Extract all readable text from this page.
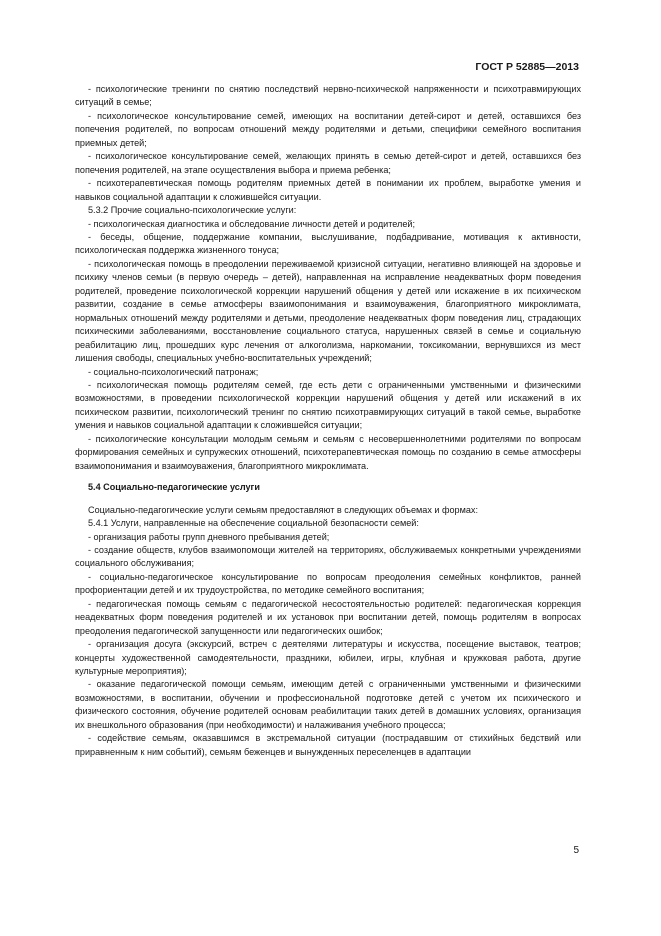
ГОСТ Р 52885—2013

- психологические тренинги по снятию последствий нервно-психической напряженности и психотравмирующих ситуаций в семье;

- психологическое консультирование семей, имеющих на воспитании детей-сирот и детей, оставшихся без попечения родителей, по вопросам отношений между родителями и детьми, специфики семейного воспитания приемных детей;

- психологическое консультирование семей, желающих принять в семью детей-сирот и детей, оставшихся без попечения родителей, на этапе осуществления выбора и приема ребенка;

- психотерапевтическая помощь родителям приемных детей в понимании их проблем, выработке умения и навыков социальной адаптации к сложившейся ситуации.

5.3.2 Прочие социально-психологические услуги:

- психологическая диагностика и обследование личности детей и родителей;

- беседы, общение, поддержание компании, выслушивание, подбадривание, мотивация к активности, психологическая поддержка жизненного тонуса;

- психологическая помощь в преодолении переживаемой кризисной ситуации, негативно влияющей на здоровье и психику членов семьи (в первую очередь – детей), направленная на исправление неадекватных форм поведения родителей, проведение психологической коррекции нарушений общения у детей или искажение в их психическом развитии, создание в семье атмосферы взаимопонимания и взаимоуважения, благоприятного микроклимата, нормальных отношений между родителями и детьми, преодоление неадекватных форм поведения лиц, страдающих психическими заболеваниями, восстановление социального статуса, нарушенных связей в семье и социальную реабилитацию лиц, прошедших курс лечения от алкоголизма, наркомании, токсикомании, вернувшихся из мест лишения свободы, специальных учебно-воспитательных учреждений;

- социально-психологический патронаж;

- психологическая помощь родителям семей, где есть дети с ограниченными умственными и физическими возможностями, в проведении психологической коррекции нарушений общения у детей или искажений в их психическом развитии, психологический тренинг по снятию психотравмирующих ситуаций в такой семье, выработке умения и навыков социальной адаптации к сложившейся ситуации;

- психологические консультации молодым семьям и семьям с несовершеннолетними родителями по вопросам формирования семейных и супружеских отношений, психотерапевтическая помощь по созданию в семье атмосферы взаимопонимания и взаимоуважения, благоприятного микроклимата.

5.4 Социально-педагогические услуги

Социально-педагогические услуги семьям предоставляют в следующих объемах и формах:

5.4.1 Услуги, направленные на обеспечение социальной безопасности семей:

- организация работы групп дневного пребывания детей;

- создание обществ, клубов взаимопомощи жителей на территориях, обслуживаемых конкретными учреждениями социального обслуживания;

- социально-педагогическое консультирование по вопросам преодоления семейных конфликтов, ранней профориентации детей и их трудоустройства, по методике семейного воспитания;

- педагогическая помощь семьям с педагогической несостоятельностью родителей: педагогическая коррекция неадекватных форм поведения родителей и их установок при воспитании детей, помощь родителям в вопросах преодоления педагогической запущенности или педагогических ошибок;

- организация досуга (экскурсий, встреч с деятелями литературы и искусства, посещение выставок, театров; концерты художественной самодеятельности, праздники, юбилеи, игры, клубная и кружковая работа, другие культурные мероприятия);

- оказание педагогической помощи семьям, имеющим детей с ограниченными умственными и физическими возможностями, в воспитании, обучении и профессиональной подготовке детей с учетом их психического и физического состояния, обучение родителей основам реабилитации таких детей в домашних условиях, организация их внешкольного образования (при необходимости) и налаживания учебного процесса;

- содействие семьям, оказавшимся в экстремальной ситуации (пострадавшим от стихийных бедствий или приравненным к ним событий), семьям беженцев и вынужденных переселенцев в адаптации

5
